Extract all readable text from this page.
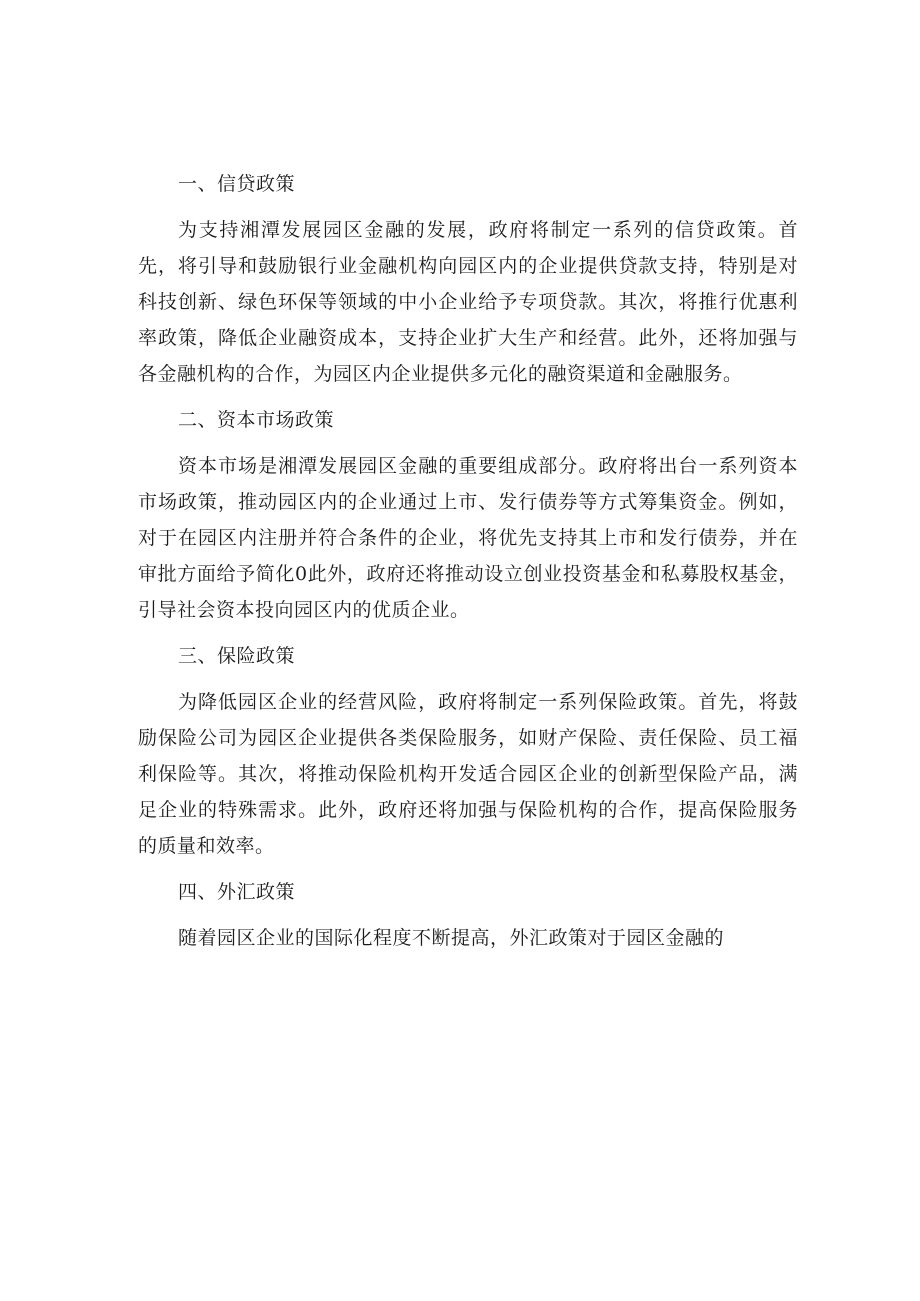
一、信贷政策

为支持湘潭发展园区金融的发展，政府将制定一系列的信贷政策。首先，将引导和鼓励银行业金融机构向园区内的企业提供贷款支持，特别是对科技创新、绿色环保等领域的中小企业给予专项贷款。其次，将推行优惠利率政策，降低企业融资成本，支持企业扩大生产和经营。此外，还将加强与各金融机构的合作，为园区内企业提供多元化的融资渠道和金融服务。

二、资本市场政策

资本市场是湘潭发展园区金融的重要组成部分。政府将出台一系列资本市场政策，推动园区内的企业通过上市、发行债券等方式筹集资金。例如，对于在园区内注册并符合条件的企业，将优先支持其上市和发行债券，并在审批方面给予简化0此外，政府还将推动设立创业投资基金和私募股权基金，引导社会资本投向园区内的优质企业。

三、保险政策

为降低园区企业的经营风险，政府将制定一系列保险政策。首先，将鼓励保险公司为园区企业提供各类保险服务，如财产保险、责任保险、员工福利保险等。其次，将推动保险机构开发适合园区企业的创新型保险产品，满足企业的特殊需求。此外，政府还将加强与保险机构的合作，提高保险服务的质量和效率。

四、外汇政策

随着园区企业的国际化程度不断提高，外汇政策对于园区金融的
